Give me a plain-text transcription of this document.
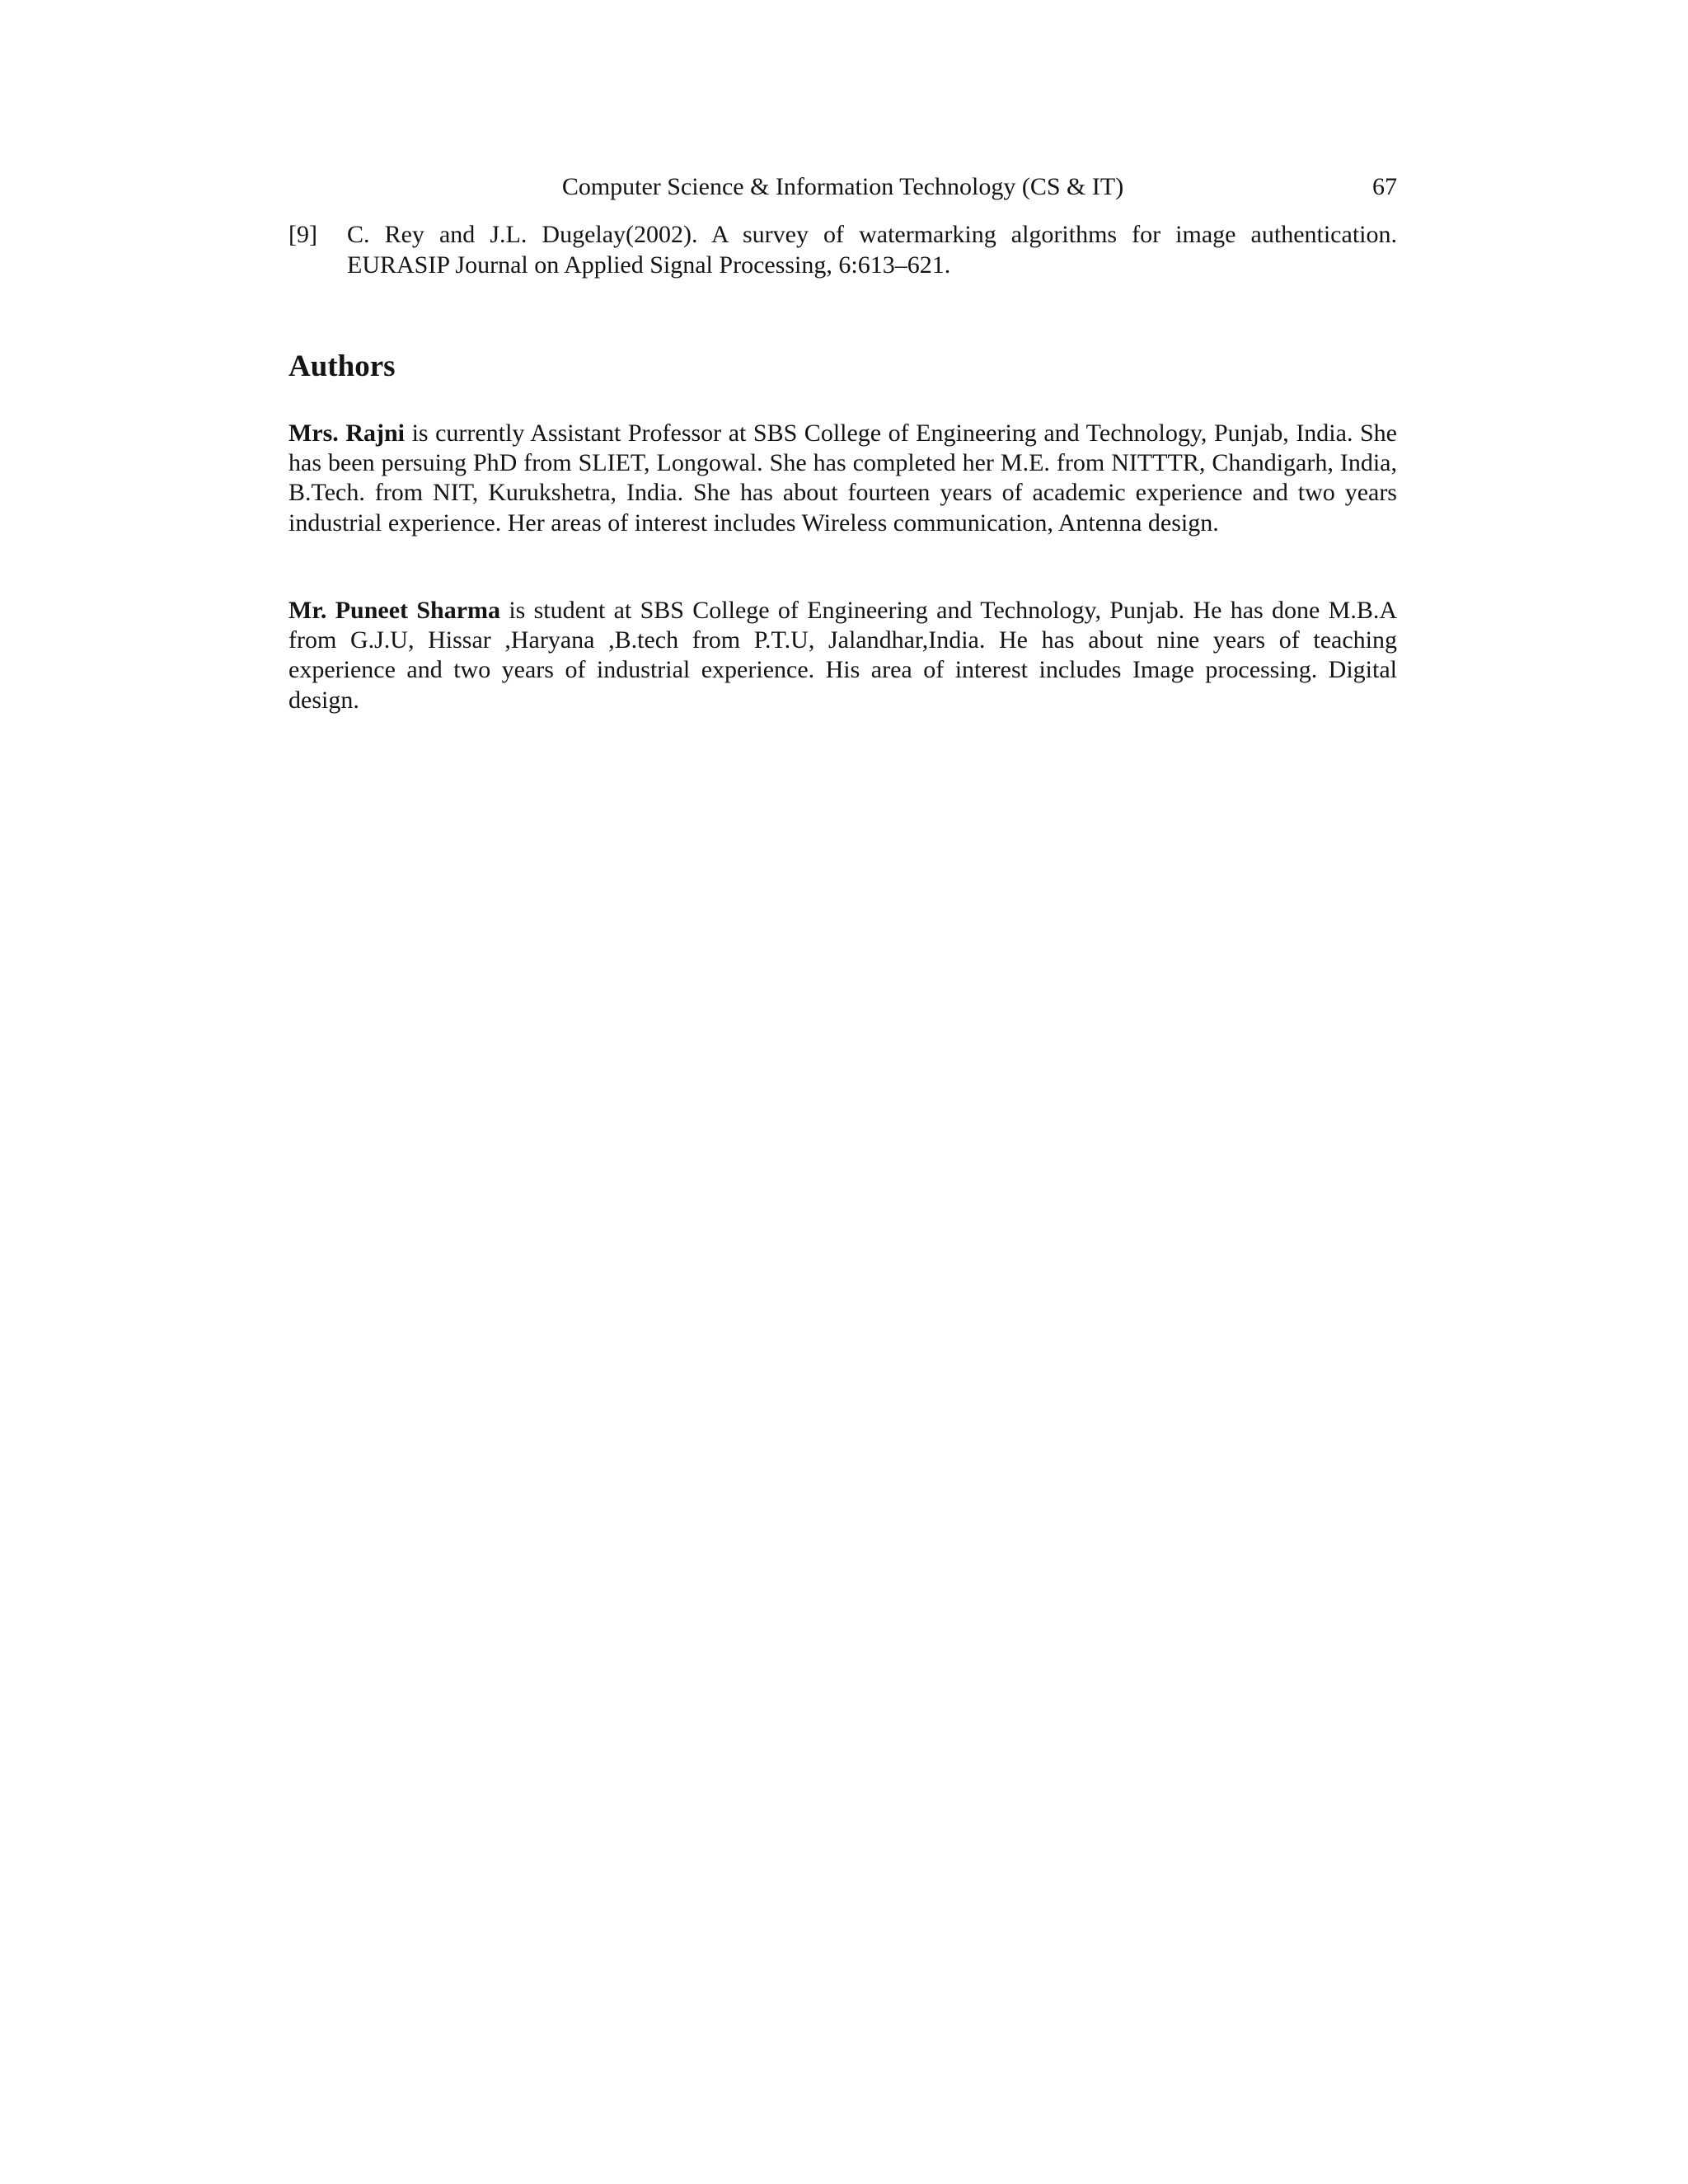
Computer Science & Information Technology (CS & IT)	67
[9] C. Rey and J.L. Dugelay(2002). A survey of watermarking algorithms for image authentication. EURASIP Journal on Applied Signal Processing, 6:613–621.
Authors

Mrs. Rajni is currently Assistant Professor at SBS College of Engineering and Technology, Punjab, India. She has been persuing PhD from SLIET, Longowal. She has completed her M.E. from NITTTR, Chandigarh, India, B.Tech. from NIT, Kurukshetra, India. She has about fourteen years of academic experience and two years industrial experience. Her areas of interest includes Wireless communication, Antenna design.

Mr. Puneet Sharma is student at SBS College of Engineering and Technology, Punjab. He has done M.B.A from G.J.U, Hissar ,Haryana ,B.tech from P.T.U, Jalandhar,India. He has about nine years of teaching experience and two years of industrial experience. His area of interest includes Image processing. Digital design.
